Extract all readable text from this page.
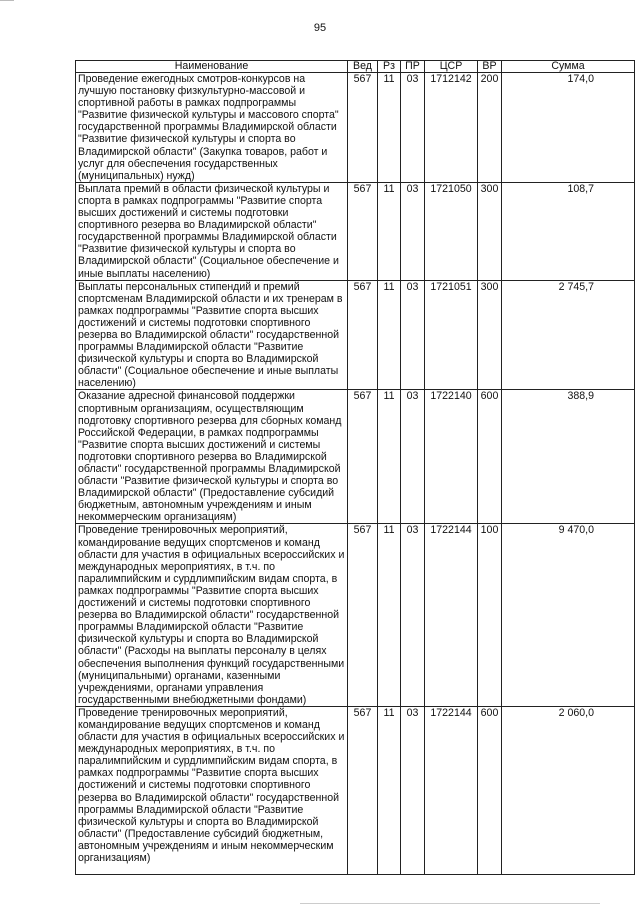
95
Наименование	Вед	Рз	ПР	ЦСР	ВР	Сумма
Проведение ежегодных смотров-конкурсов на лучшую постановку физкультурно-массовой и спортивной работы в рамках подпрограммы "Развитие физической культуры и массового спорта" государственной программы Владимирской области "Развитие физической культуры и спорта во Владимирской области" (Закупка товаров, работ и услуг для обеспечения государственных (муниципальных) нужд)	567	11	03	1712142	200	174,0
Выплата премий в области физической культуры и спорта в рамках подпрограммы "Развитие спорта высших достижений и системы подготовки спортивного резерва во Владимирской области" государственной программы Владимирской области "Развитие физической культуры и спорта во Владимирской области" (Социальное обеспечение и иные выплаты населению)	567	11	03	1721050	300	108,7
Выплаты персональных стипендий и премий спортсменам Владимирской области и их тренерам в рамках подпрограммы "Развитие спорта высших достижений и системы подготовки спортивного резерва во Владимирской области" государственной программы Владимирской области "Развитие физической культуры и спорта во Владимирской области" (Социальное обеспечение и иные выплаты населению)	567	11	03	1721051	300	2 745,7
Оказание адресной финансовой поддержки спортивным организациям, осуществляющим подготовку спортивного резерва для сборных команд Российской Федерации, в рамках подпрограммы "Развитие спорта высших достижений и системы подготовки спортивного резерва во Владимирской области" государственной программы Владимирской области "Развитие физической культуры и спорта во Владимирской области" (Предоставление субсидий бюджетным, автономным учреждениям и иным некоммерческим организациям)	567	11	03	1722140	600	388,9
Проведение тренировочных мероприятий, командирование ведущих спортсменов и команд области для участия в официальных всероссийских и международных мероприятиях, в т.ч. по паралимпийским и сурдлимпийским видам спорта, в рамках подпрограммы "Развитие спорта высших достижений и системы подготовки спортивного резерва во Владимирской области" государственной программы Владимирской области "Развитие физической культуры и спорта во Владимирской области" (Расходы на выплаты персоналу в целях обеспечения выполнения функций государственными (муниципальными) органами, казенными учреждениями, органами управления государственными внебюджетными фондами)	567	11	03	1722144	100	9 470,0
Проведение тренировочных мероприятий, командирование ведущих спортсменов и команд области для участия в официальных всероссийских и международных мероприятиях, в т.ч. по паралимпийским и сурдлимпийским видам спорта, в рамках подпрограммы "Развитие спорта высших достижений и системы подготовки спортивного резерва во Владимирской области" государственной программы Владимирской области "Развитие физической культуры и спорта во Владимирской области" (Предоставление субсидий бюджетным, автономным учреждениям и иным некоммерческим организациям)	567	11	03	1722144	600	2 060,0
